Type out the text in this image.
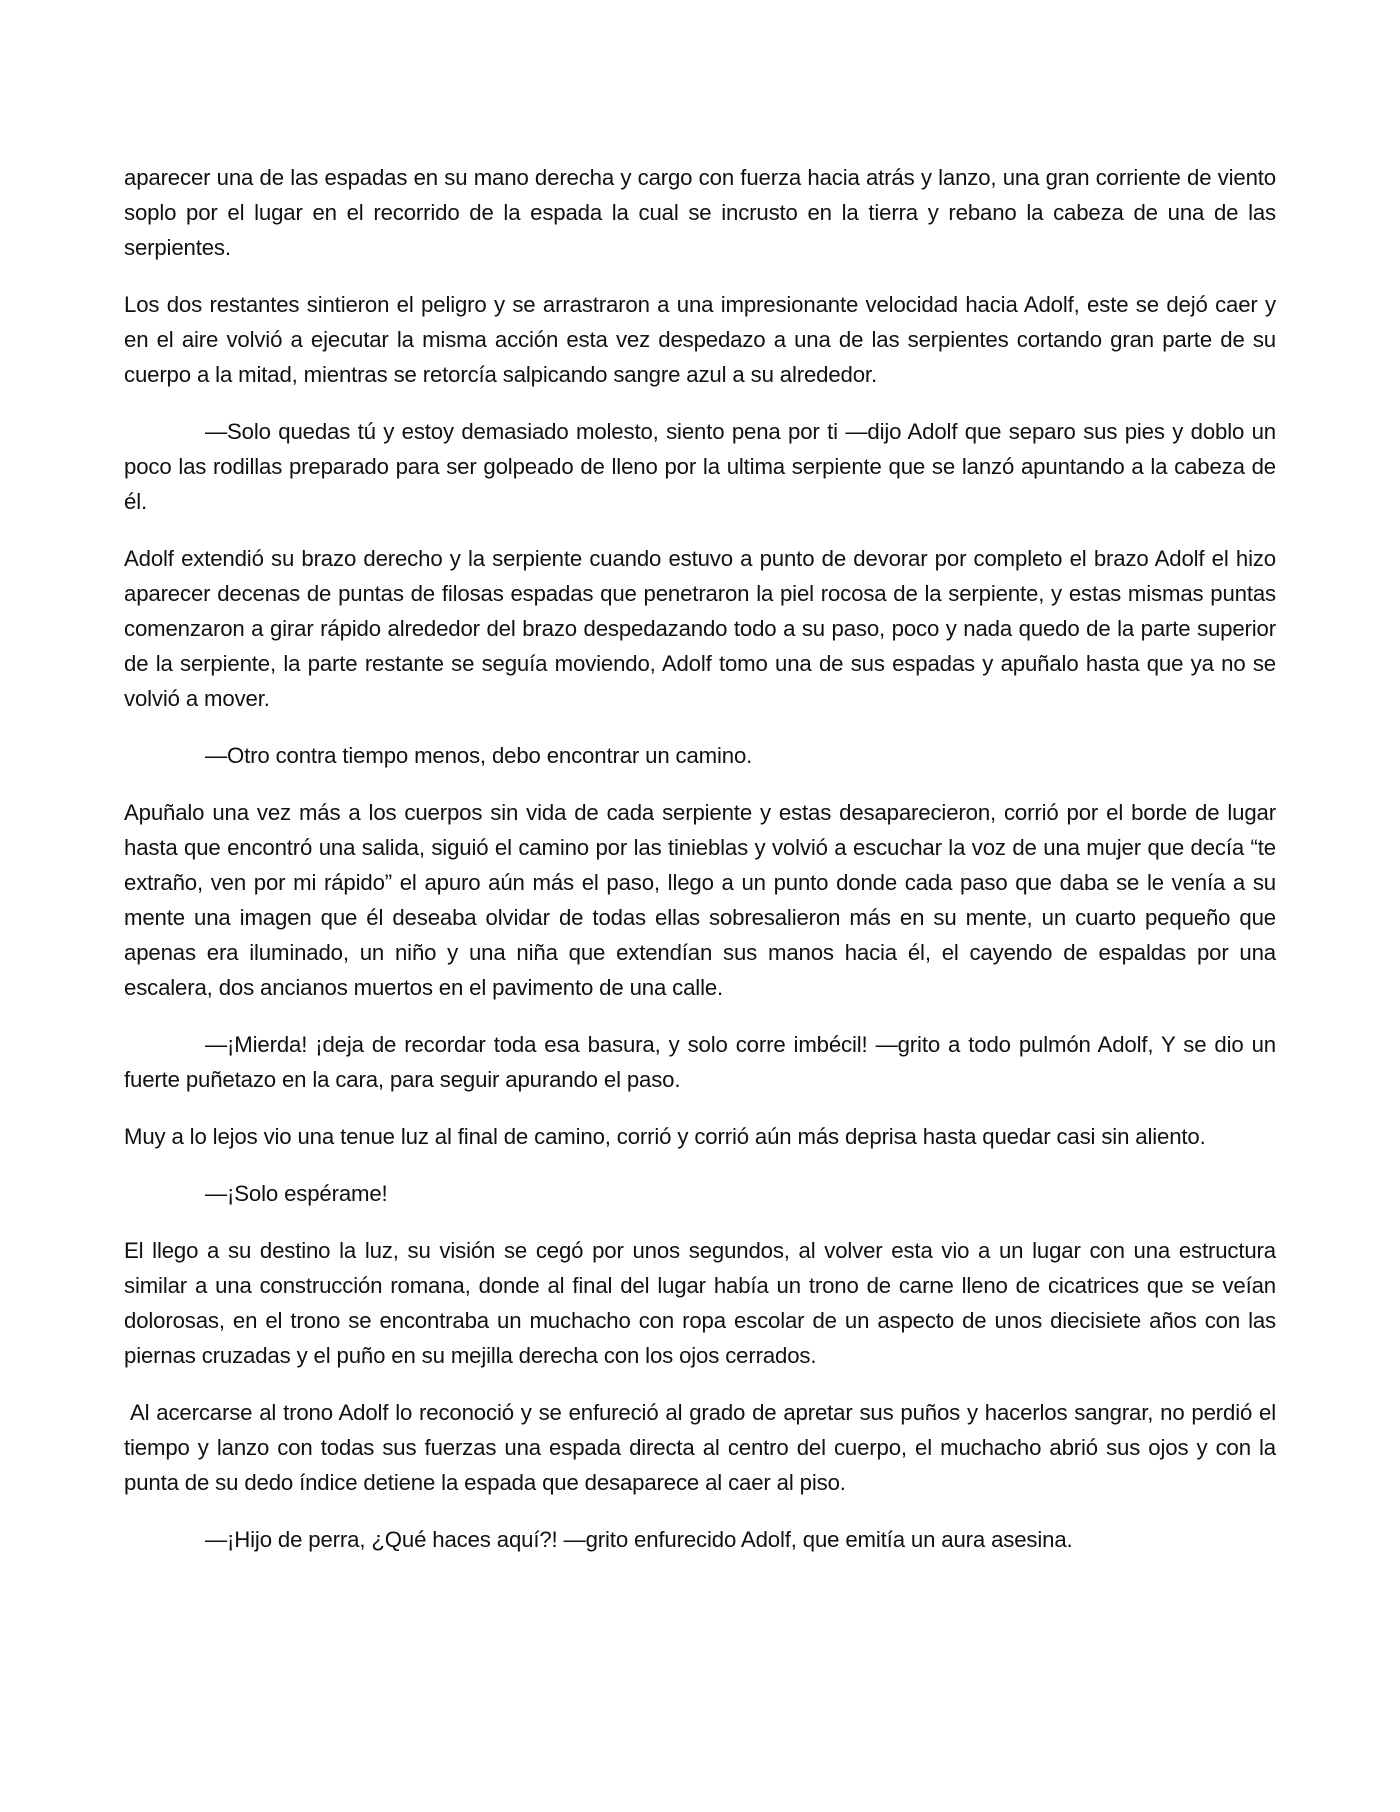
aparecer una de las espadas en su mano derecha y cargo con fuerza hacia atrás y lanzo, una gran corriente de viento soplo por el lugar en el recorrido de la espada la cual se incrusto en la tierra y rebano la cabeza de una de las serpientes.

Los dos restantes sintieron el peligro y se arrastraron a una impresionante velocidad hacia Adolf, este se dejó caer y en el aire volvió a ejecutar la misma acción esta vez despedazo a una de las serpientes cortando gran parte de su cuerpo a la mitad, mientras se retorcía salpicando sangre azul a su alrededor.

—Solo quedas tú y estoy demasiado molesto, siento pena por ti —dijo Adolf que separo sus pies y doblo un poco las rodillas preparado para ser golpeado de lleno por la ultima serpiente que se lanzó apuntando a la cabeza de él.

Adolf extendió su brazo derecho y la serpiente cuando estuvo a punto de devorar por completo el brazo Adolf el hizo aparecer decenas de puntas de filosas espadas que penetraron la piel rocosa de la serpiente, y estas mismas puntas comenzaron a girar rápido alrededor del brazo despedazando todo a su paso, poco y nada quedo de la parte superior de la serpiente, la parte restante se seguía moviendo, Adolf tomo una de sus espadas y apuñalo hasta que ya no se volvió a mover.

—Otro contra tiempo menos, debo encontrar un camino.

Apuñalo una vez más a los cuerpos sin vida de cada serpiente y estas desaparecieron, corrió por el borde de lugar hasta que encontró una salida, siguió el camino por las tinieblas y volvió a escuchar la voz de una mujer que decía “te extraño, ven por mi rápido” el apuro aún más el paso, llego a un punto donde cada paso que daba se le venía a su mente una imagen que él deseaba olvidar de todas ellas sobresalieron más en su mente, un cuarto pequeño que apenas era iluminado, un niño y una niña que extendían sus manos hacia él, el cayendo de espaldas por una escalera, dos ancianos muertos en el pavimento de una calle.

—¡Mierda! ¡deja de recordar toda esa basura, y solo corre imbécil! —grito a todo pulmón Adolf, Y se dio un fuerte puñetazo en la cara, para seguir apurando el paso.

Muy a lo lejos vio una tenue luz al final de camino, corrió y corrió aún más deprisa hasta quedar casi sin aliento.

—¡Solo espérame!

El llego a su destino la luz, su visión se cegó por unos segundos, al volver esta vio a un lugar con una estructura similar a una construcción romana, donde al final del lugar había un trono de carne lleno de cicatrices que se veían dolorosas, en el trono se encontraba un muchacho con ropa escolar de un aspecto de unos diecisiete años con las piernas cruzadas y el puño en su mejilla derecha con los ojos cerrados.

Al acercarse al trono Adolf lo reconoció y se enfureció al grado de apretar sus puños y hacerlos sangrar, no perdió el tiempo y lanzo con todas sus fuerzas una espada directa al centro del cuerpo, el muchacho abrió sus ojos y con la punta de su dedo índice detiene la espada que desaparece al caer al piso.

—¡Hijo de perra, ¿Qué haces aquí?! —grito enfurecido Adolf, que emitía un aura asesina.
